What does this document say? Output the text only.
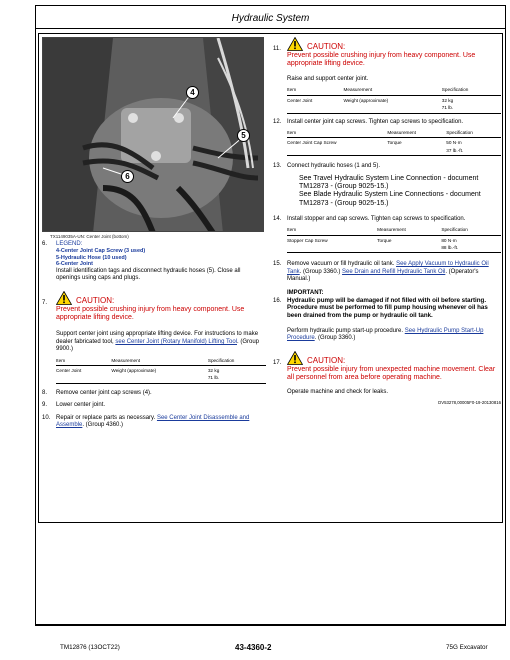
Hydraulic System
4
5
6
TX1149035A-UN: Center Joint (bottom)
6. LEGEND:
4-Center Joint Cap Screw (3 used)
5-Hydraulic Hose (10 used)
6-Center Joint
Install identification tags and disconnect hydraulic hoses (5). Close all openings using caps and plugs.
7.	CAUTION:
Prevent possible crushing injury from heavy component. Use appropriate lifting device.
Support center joint using appropriate lifting device. For instructions to make dealer fabricated tool, see Center Joint (Rotary Manifold) Lifting Tool. (Group 9900.)
Item	Measurement	Specification
Center Joint	Weight (approximate)	32 kg
71 lb.
8. Remove center joint cap screws (4).
9. Lower center joint.
10. Repair or replace parts as necessary. See Center Joint Disassemble and Assemble. (Group 4360.)
11.	CAUTION:
Prevent possible crushing injury from heavy component. Use appropriate lifting device.
Raise and support center joint.
Item	Measurement	Specification
Center Joint	Weight (approximate)	32 kg
71 lb.
12. Install center joint cap screws. Tighten cap screws to specification.
Item	Measurement	Specification
Center Joint Cap Screw	Torque	50 N·m
37 lb.-ft.
13. Connect hydraulic hoses (1 and 5).
See Travel Hydraulic System Line Connection - document TM12873 - (Group 9025-15.)
See Blade Hydraulic System Line Connections - document TM12873 - (Group 9025-15.)
14. Install stopper and cap screws. Tighten cap screws to specification.
Item	Measurement	Specification
Stopper Cap Screw	Torque	80 N·m
88 lb.-ft.
15. Remove vacuum or fill hydraulic oil tank. See Apply Vacuum to Hydraulic Oil Tank. (Group 3360.) See Drain and Refill Hydraulic Tank Oil. (Operator's Manual.)
16.
IMPORTANT:
Hydraulic pump will be damaged if not filled with oil before starting. Procedure must be performed to fill pump housing whenever oil has been drained from the pump or hydraulic oil tank.
Perform hydraulic pump start-up procedure. See Hydraulic Pump Start-Up Procedure. (Group 3360.)
17.	CAUTION:
Prevent possible injury from unexpected machine movement. Clear all personnel from area before operating machine.
Operate machine and check for leaks.
DV53278,00005F0-19-20130816
TM12876 (13OCT22)	43-4360-2	75G Excavator
